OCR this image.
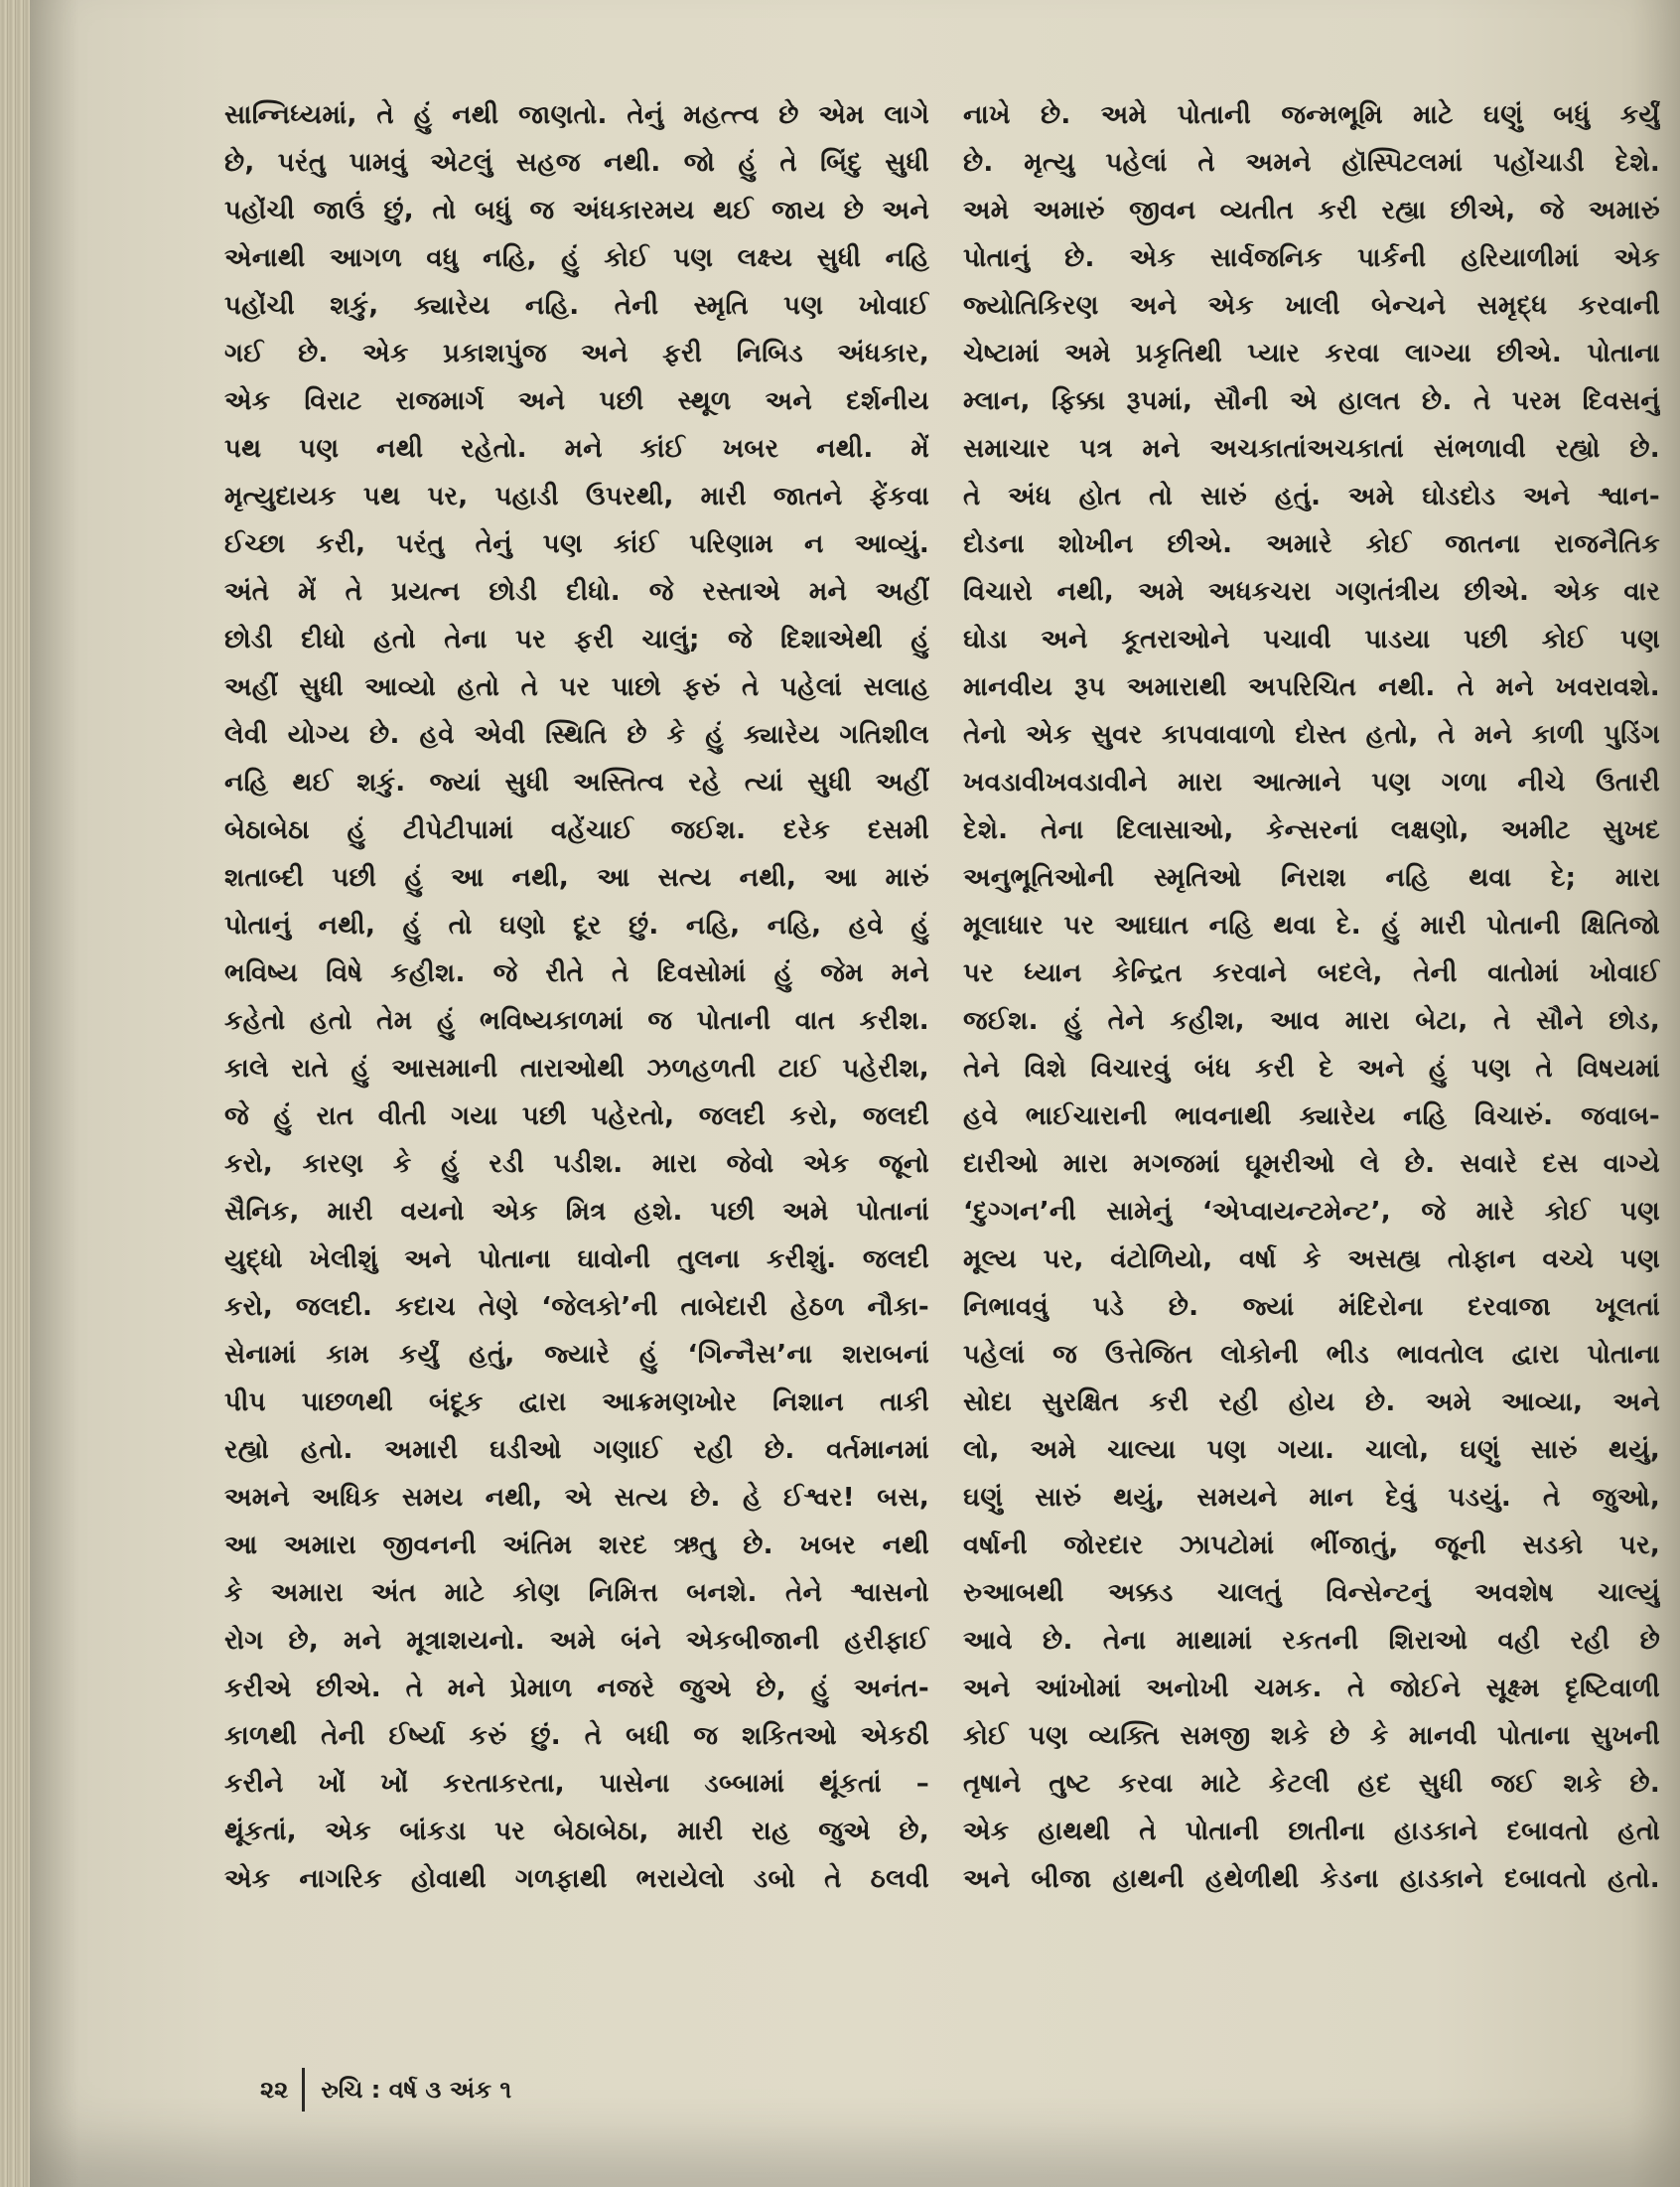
સાન્નિધ્યમાં, તે હું નથી જાણતો. તેનું મહત્ત્વ છે એમ લાગે
છે, પરંતુ પામવું એટલું સહજ નથી. જો હું તે બિંદુ સુધી
પહોંચી જાઉં છું, તો બધું જ અંધકારમય થઈ જાય છે અને
એનાથી આગળ વધુ નહિ, હું કોઈ પણ લક્ષ્ય સુધી નહિ
પહોંચી શકું, ક્યારેય નહિ. તેની સ્મૃતિ પણ ખોવાઈ
ગઈ છે. એક પ્રકાશપુંજ અને ફરી નિબિડ અંધકાર,
એક વિરાટ રાજમાર્ગ અને પછી સ્થૂળ અને દર્શનીય
પથ પણ નથી રહેતો. મને કાંઈ ખબર નથી. મેં
મૃત્યુદાયક પથ પર, પહાડી ઉપરથી, મારી જાતને ફેંકવા
ઈચ્છા કરી, પરંતુ તેનું પણ કાંઈ પરિણામ ન આવ્યું.
અંતે મેં તે પ્રયત્ન છોડી દીધો. જે રસ્તાએ મને અહીં
છોડી દીધો હતો તેના પર ફરી ચાલું; જે દિશાએથી હું
અહીં સુધી આવ્યો હતો તે પર પાછો ફરું તે પહેલાં સલાહ
લેવી યોગ્ય છે. હવે એવી સ્થિતિ છે કે હું ક્યારેય ગતિશીલ
નહિ થઈ શકું. જ્યાં સુધી અસ્તિત્વ રહે ત્યાં સુધી અહીં
બેઠાબેઠા હું ટીપેટીપામાં વહેંચાઈ જઈશ. દરેક દસમી
શતાબ્દી પછી હું આ નથી, આ સત્ય નથી, આ મારું
પોતાનું નથી, હું તો ઘણો દૂર છું. નહિ, નહિ, હવે હું
ભવિષ્ય વિષે કહીશ. જે રીતે તે દિવસોમાં હું જેમ મને
કહેતો હતો તેમ હું ભવિષ્યકાળમાં જ પોતાની વાત કરીશ.
કાલે રાતે હું આસમાની તારાઓથી ઝળહળતી ટાઈ પહેરીશ,
જે હું રાત વીતી ગયા પછી પહેરતો, જલદી કરો, જલદી
કરો, કારણ કે હું રડી પડીશ. મારા જેવો એક જૂનો
સૈનિક, મારી વયનો એક મિત્ર હશે. પછી અમે પોતાનાં
યુદ્ધો ખેલીશું અને પોતાના ઘાવોની તુલના કરીશું. જલદી
કરો, જલદી. કદાચ તેણે ‘જેલકો’ની તાબેદારી હેઠળ નૌકા-
સેનામાં કામ કર્યું હતું, જ્યારે હું ‘ગિન્નૈસ’ના શરાબનાં
પીપ પાછળથી બંદૂક દ્વારા આક્રમણખોર નિશાન તાકી
રહ્યો હતો. અમારી ઘડીઓ ગણાઈ રહી છે. વર્તમાનમાં
અમને અધિક સમય નથી, એ સત્ય છે. હે ઈશ્વર! બસ,
આ અમારા જીવનની અંતિમ શરદ ઋતુ છે. ખબર નથી
કે અમારા અંત માટે કોણ નિમિત્ત બનશે. તેને શ્વાસનો
રોગ છે, મને મૂત્રાશયનો. અમે બંને એકબીજાની હરીફાઈ
કરીએ છીએ. તે મને પ્રેમાળ નજરે જુએ છે, હું અનંત-
કાળથી તેની ઈર્ષ્યા કરું છું. તે બધી જ શકિતઓ એકઠી
કરીને ખોં ખોં કરતાકરતા, પાસેના ડબ્બામાં થૂંકતાં –
થૂંકતાં, એક બાંકડા પર બેઠાબેઠા, મારી રાહ જુએ છે,
એક નાગરિક હોવાથી ગળફાથી ભરાયેલો ડબો તે ઠલવી
નાખે છે. અમે પોતાની જન્મભૂમિ માટે ઘણું બધું કર્યું
છે. મૃત્યુ પહેલાં તે અમને હૉસ્પિટલમાં પહોંચાડી દેશે.
અમે અમારું જીવન વ્યતીત કરી રહ્યા છીએ, જે અમારું
પોતાનું છે. એક સાર્વજનિક પાર્કની હરિયાળીમાં એક
જ્યોતિકિરણ અને એક ખાલી બેન્ચને સમૃદ્ધ કરવાની
ચેષ્ટામાં અમે પ્રકૃતિથી પ્યાર કરવા લાગ્યા છીએ. પોતાના
મ્લાન, ફિક્કા રૂપમાં, સૌની એ હાલત છે. તે પરમ દિવસનું
સમાચાર પત્ર મને અચકાતાંઅચકાતાં સંભળાવી રહ્યો છે.
તે અંધ હોત તો સારું હતું. અમે ઘોડદોડ અને શ્વાન-
દોડના શોખીન છીએ. અમારે કોઈ જાતના રાજનૈતિક
વિચારો નથી, અમે અધકચરા ગણતંત્રીય છીએ. એક વાર
ઘોડા અને કૂતરાઓને પચાવી પાડયા પછી કોઈ પણ
માનવીય રૂપ અમારાથી અપરિચિત નથી. તે મને ખવરાવશે.
તેનો એક સુવર કાપવાવાળો દોસ્ત હતો, તે મને કાળી પુડિંગ
ખવડાવીખવડાવીને મારા આત્માને પણ ગળા નીચે ઉતારી
દેશે. તેના દિલાસાઓ, કેન્સરનાં લક્ષણો, અમીટ સુખદ
અનુભૂતિઓની સ્મૃતિઓ નિરાશ નહિ થવા દે; મારા
મૂલાધાર પર આઘાત નહિ થવા દે. હું મારી પોતાની ક્ષિતિજો
પર ધ્યાન કેન્દ્રિત કરવાને બદલે, તેની વાતોમાં ખોવાઈ
જઈશ. હું તેને કહીશ, આવ મારા બેટા, તે સૌને છોડ,
તેને વિશે વિચારવું બંધ કરી દે અને હું પણ તે વિષયમાં
હવે ભાઈચારાની ભાવનાથી ક્યારેય નહિ વિચારું. જવાબ-
દારીઓ મારા મગજમાં ઘૂમરીઓ લે છે. સવારે દસ વાગ્યે
‘દુગ્ગન’ની સામેનું ‘એપ્વાયન્ટમેન્ટ’, જે મારે કોઈ પણ
મૂલ્ય પર, વંટોળિયો, વર્ષા કે અસહ્ય તોફાન વચ્ચે પણ
નિભાવવું પડે છે. જ્યાં મંદિરોના દરવાજા ખૂલતાં
પહેલાં જ ઉત્તેજિત લોકોની ભીડ ભાવતોલ દ્વારા પોતાના
સોદા સુરક્ષિત કરી રહી હોય છે. અમે આવ્યા, અને
લો, અમે ચાલ્યા પણ ગયા. ચાલો, ઘણું સારું થયું,
ઘણું સારું થયું, સમયને માન દેવું પડયું. તે જુઓ,
વર્ષાની જોરદાર ઝાપટોમાં ભીંજાતું, જૂની સડકો પર,
રુઆબથી અક્કડ ચાલતું વિન્સેન્ટનું અવશેષ ચાલ્યું
આવે છે. તેના માથામાં રકતની શિરાઓ વહી રહી છે
અને આંખોમાં અનોખી ચમક. તે જોઈને સૂક્ષ્મ દૃષ્ટિવાળી
કોઈ પણ વ્યક્તિ સમજી શકે છે કે માનવી પોતાના સુખની
તૃષાને તુષ્ટ કરવા માટે કેટલી હદ સુધી જઈ શકે છે.
એક હાથથી તે પોતાની છાતીના હાડકાને દબાવતો હતો
અને બીજા હાથની હથેળીથી કેડના હાડકાને દબાવતો હતો.
૨૨ રુચિ : વર્ષ ૩ અંક ૧
